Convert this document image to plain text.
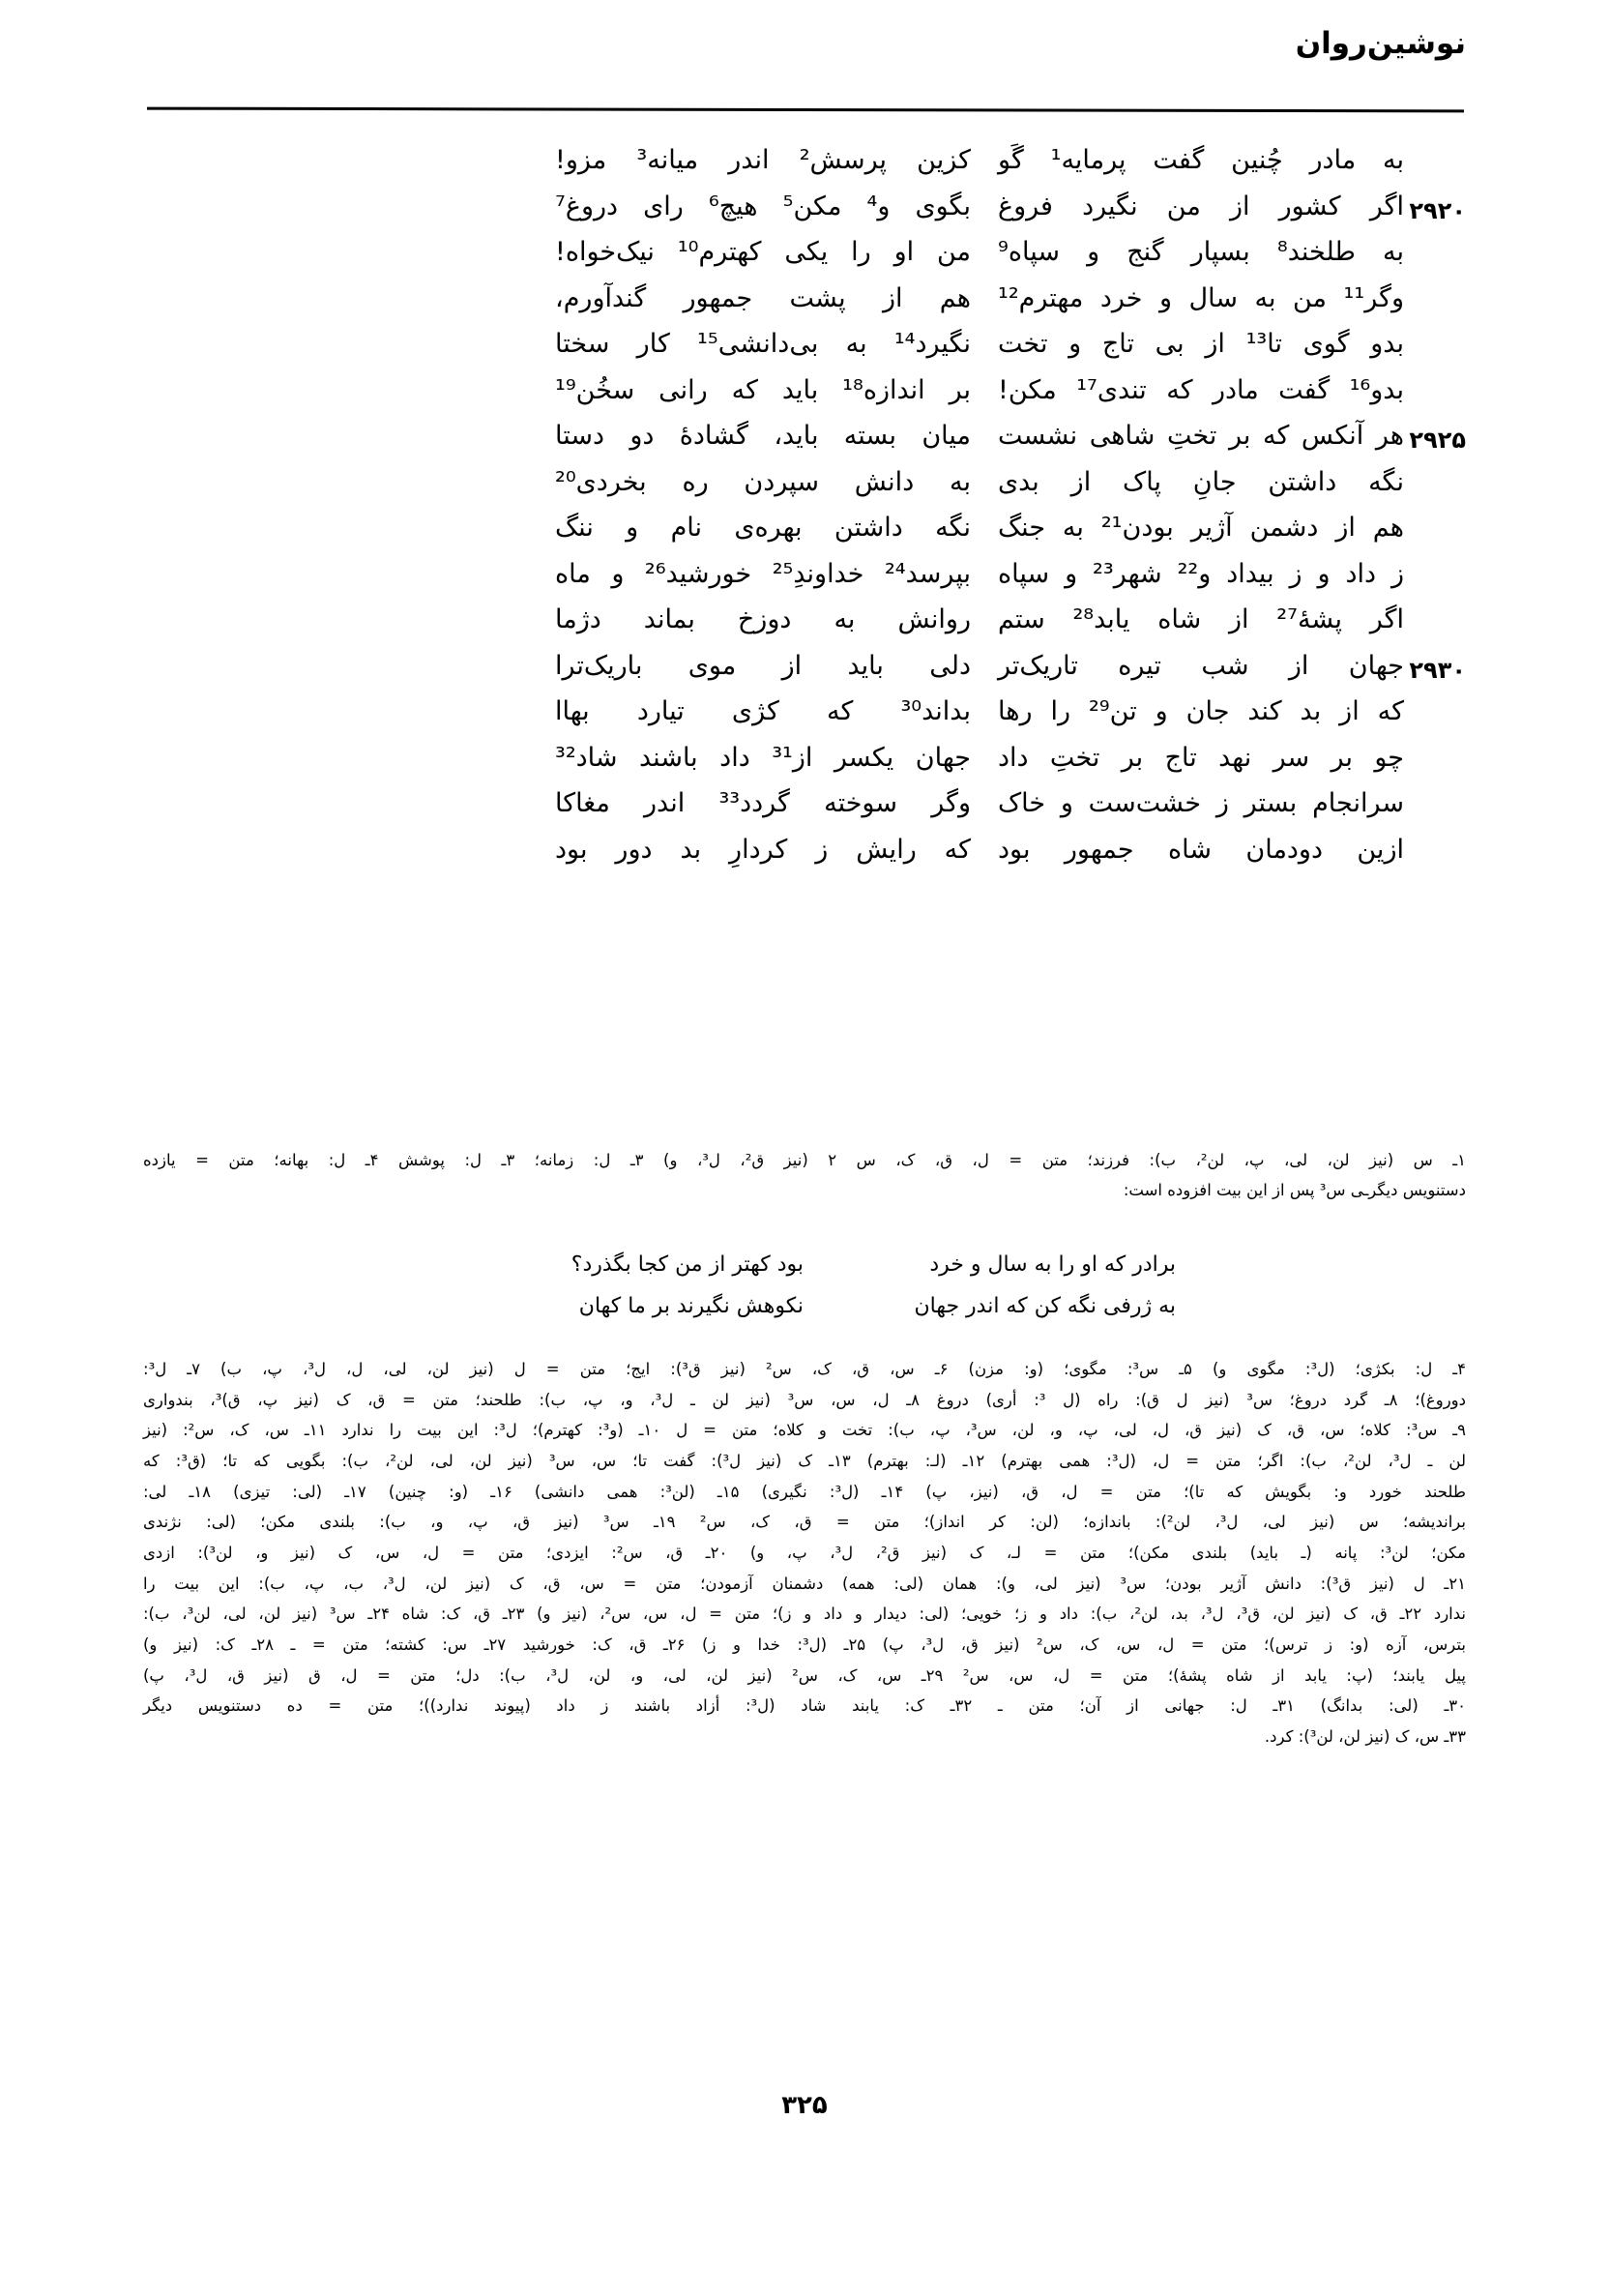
نوشین‌روان
به مادر چُنین گفت پرمایه‎¹ گَو
کزین پرسش² اندر میانه³ مزو!
۲۹۲۰
اگر کشور از من نگیرد فروغ
بگوی و⁴ مکن⁵ هیچ⁶ رای دروغ⁷
به طلخند⁸ بسپار گنج و سپاه⁹
من او را یکی کهترم¹⁰ نیک‌خواه!
وگر¹¹ من به سال و خرد مهترم¹²
هم از پشت جمهور گندآورم،
بدو گوی تا¹³ از بی تاج و تخت
نگیرد¹⁴ به بی‌دانشی¹⁵ کار سختا
بدو¹⁶ گفت مادر که تندی¹⁷ مکن!
بر اندازه¹⁸ باید که رانی سخُن¹⁹
۲۹۲۵
هر آنکس که بر تختِ شاهی نشست
میان بسته باید، گشادهٔ دو دستا
نگه داشتن جانِ پاک از بدی
به دانش سپردن ره بخردی²⁰
هم از دشمن آژیر بودن²¹ به جنگ
نگه داشتن بهره‌ی نام و ننگ
ز داد و ز بیداد و²² شهر²³ و سپاه
بپرسد²⁴ خداوندِ²⁵ خورشید²⁶ و ماه
اگر پشهٔ²⁷ از شاه یابد²⁸ ستم
روانش به دوزخ بماند دژما
۲۹۳۰
جهان از شب تیره تاریک‌تر
دلی باید از موی باریک‌ترا
که از بد کند جان و تن²⁹ را رها
بداند³⁰ که کژی تیارد بهاا
چو بر سر نهد تاج بر تختِ داد
جهان یکسر از³¹ داد باشند شاد³²
سرانجام بستر ز خشت‌ست و خاک
وگر سوخته گردد³³ اندر مغاکا
ازین دودمان شاه جمهور بود
که رایش ز کردارِ بد دور بود
۱ـ س (نیز لن، لی، پ، لن²، ب): فرزند؛ متن = ل، ق، ک، س ۲ (نیز ق²، ل³، و) ۳ـ ل: زمانه؛ ۳ـ ل: پوشش ۴ـ ل: بهانه؛ متن = یازده
دستنویس دیگرـی س³ پس از این بیت افزوده است:
برادر که او را به سال و خرد
بود کهتر از من کجا بگذرد؟
به ژرفی نگه کن که اندر جهان
نکوهش نگیرند بر ما کهان
۴ـ ل: بکژی؛ (ل³: مگوی و) ۵ـ س³: مگوی؛ (و: مزن) ۶ـ س، ق، ک، س² (نیز ق³): ایج؛ متن = ل (نیز لن، لی، ل، ل³، پ، ب) ۷ـ ل³:
دوروغ)؛ ۸ـ گرد دروغ؛ س³ (نیز ل ق): راه (ل ³: أری) دروغ ۸ـ ل، س، س³ (نیز لن ـ ل³، و، پ، ب): طلحند؛ متن = ق، ک (نیز پ، ق)³، بندواری
۹ـ س³: کلاه؛ س، ق، ک (نیز ق، ل، لی، پ، و، لن، س³، پ، ب): تخت و کلاه؛ متن = ل ۱۰ـ (و³: کهترم)؛ ل³: این بیت را ندارد ۱۱ـ س، ک، س²: (نیز
لن ـ ل³، لن²، ب): اگر؛ متن = ل، (ل³: همی بهترم) ۱۲ـ (لـ: بهترم) ۱۳ـ ک (نیز ل³): گفت تا؛ س، س³ (نیز لن، لی، لن²، ب): بگویی که تا؛ (ق³: که
طلحند خورد و: بگویش که تا)؛ متن = ل، ق، (نیز، پ) ۱۴ـ (ل³: نگیری) ۱۵ـ (لن³: همی دانشی) ۱۶ـ (و: چنین) ۱۷ـ (لی: تیزی) ۱۸ـ لی:
براندیشه؛ س (نیز لی، ل³، لن²): باندازه؛ (لن: کر انداز)؛ متن = ق، ک، س² ۱۹ـ س³ (نیز ق، پ، و، ب): بلندی مکن؛ (لی: نژندی
مکن؛ لن³: پانه (ـ باید) بلندی مکن)؛ متن = لـ، ک (نیز ق²، ل³، پ، و) ۲۰ـ ق، س²: ایزدی؛ متن = ل، س، ک (نیز و، لن³): ازدی
۲۱ـ ل (نیز ق³): دانش آژیر بودن؛ س³ (نیز لی، و): همان (لی: همه) دشمنان آزمودن؛ متن = س، ق، ک (نیز لن، ل³، ب، پ، ب): این بیت را
ندارد ۲۲ـ ق، ک (نیز لن، ق³، ل³، بد، لن²، ب): داد و ز؛ خویی؛ (لی: دیدار و داد و ز)؛ متن = ل، س، س²، (نیز و) ۲۳ـ ق، ک: شاه ۲۴ـ س³ (نیز لن، لی، لن³، ب):
بترس، آزه (و: ز ترس)؛ متن = ل، س، ک، س² (نیز ق، ل³، پ) ۲۵ـ (ل³: خدا و ز) ۲۶ـ ق، ک: خورشید ۲۷ـ س: کشته؛ متن = ـ ۲۸ـ ک: (نیز و)
پیل یابند؛ (پ: یابد از شاه پشهٔ)؛ متن = ل، س، س² ۲۹ـ س، ک، س² (نیز لن، لی، و، لن، ل³، ب): دل؛ متن = ل، ق (نیز ق، ل³، پ)
۳۰ـ (لی: بدانگ) ۳۱ـ ل: جهانی از آن؛ متن ـ ۳۲ـ ک: یابند شاد (ل³: أزاد باشند ز داد (پیوند ندارد))؛ متن = ده دستنویس دیگر
۳۳ـ س، ک (نیز لن، لن³): کرد.
۳۲۵
